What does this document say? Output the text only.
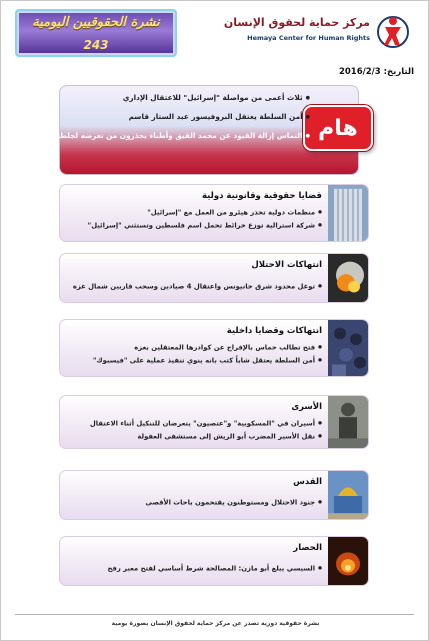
مركز حماية لحقوق الإنسان
Hemaya Center for Human Rights
نشرة الحقوقيين اليومية
243
التاريخ: 2016/2/3
هام
● ثلاث أعمى من مواصلة "إسرائيل" للاعتقال الإداري
● أمن السلطة يعتقل البروفيسور عبد الستار قاسم
● التماس إزالة القيود عن محمد القيق وأطباء يحذرون من تعرضه لجلطة
قضايا حقوقية وقانونية دولية
● منظمات دولية تحذر هيئرو من العمل مع "إسرائيل"
● شركة استرالية توزع خرائط تحمل اسم فلسطين وتستثني "إسرائيل"
انتهاكات الاحتلال
● توغل محدود شرق خانيونس واعتقال 4 صيادين وسحب قاربين شمال غزة
انتهاكات وقضايا داخلية
● فتح تطالب حماس بالإفراج عن كوادرها المعتقلين بغزة
● أمن السلطة يعتقل شاباً كتب بانه ينوي تنفيذ عملية على "فيسبوك"
الأسرى
● أسيران في "المسكوبية" و"عتصيون" يتعرضان للتنكيل أثناء الاعتقال
● نقل الأسير المضرب أبو الريش إلى مستشفى العفولة
القدس
● جنود الاحتلال ومستوطنون يقتحمون باحات الأقصى
الحصار
● السيسي يبلغ أبو مازن: المصالحة شرط أساسي لفتح معبر رفح
نشرة حقوقية دورية تصدر عن مركز حماية لحقوق الإنسان بصورة يومية
